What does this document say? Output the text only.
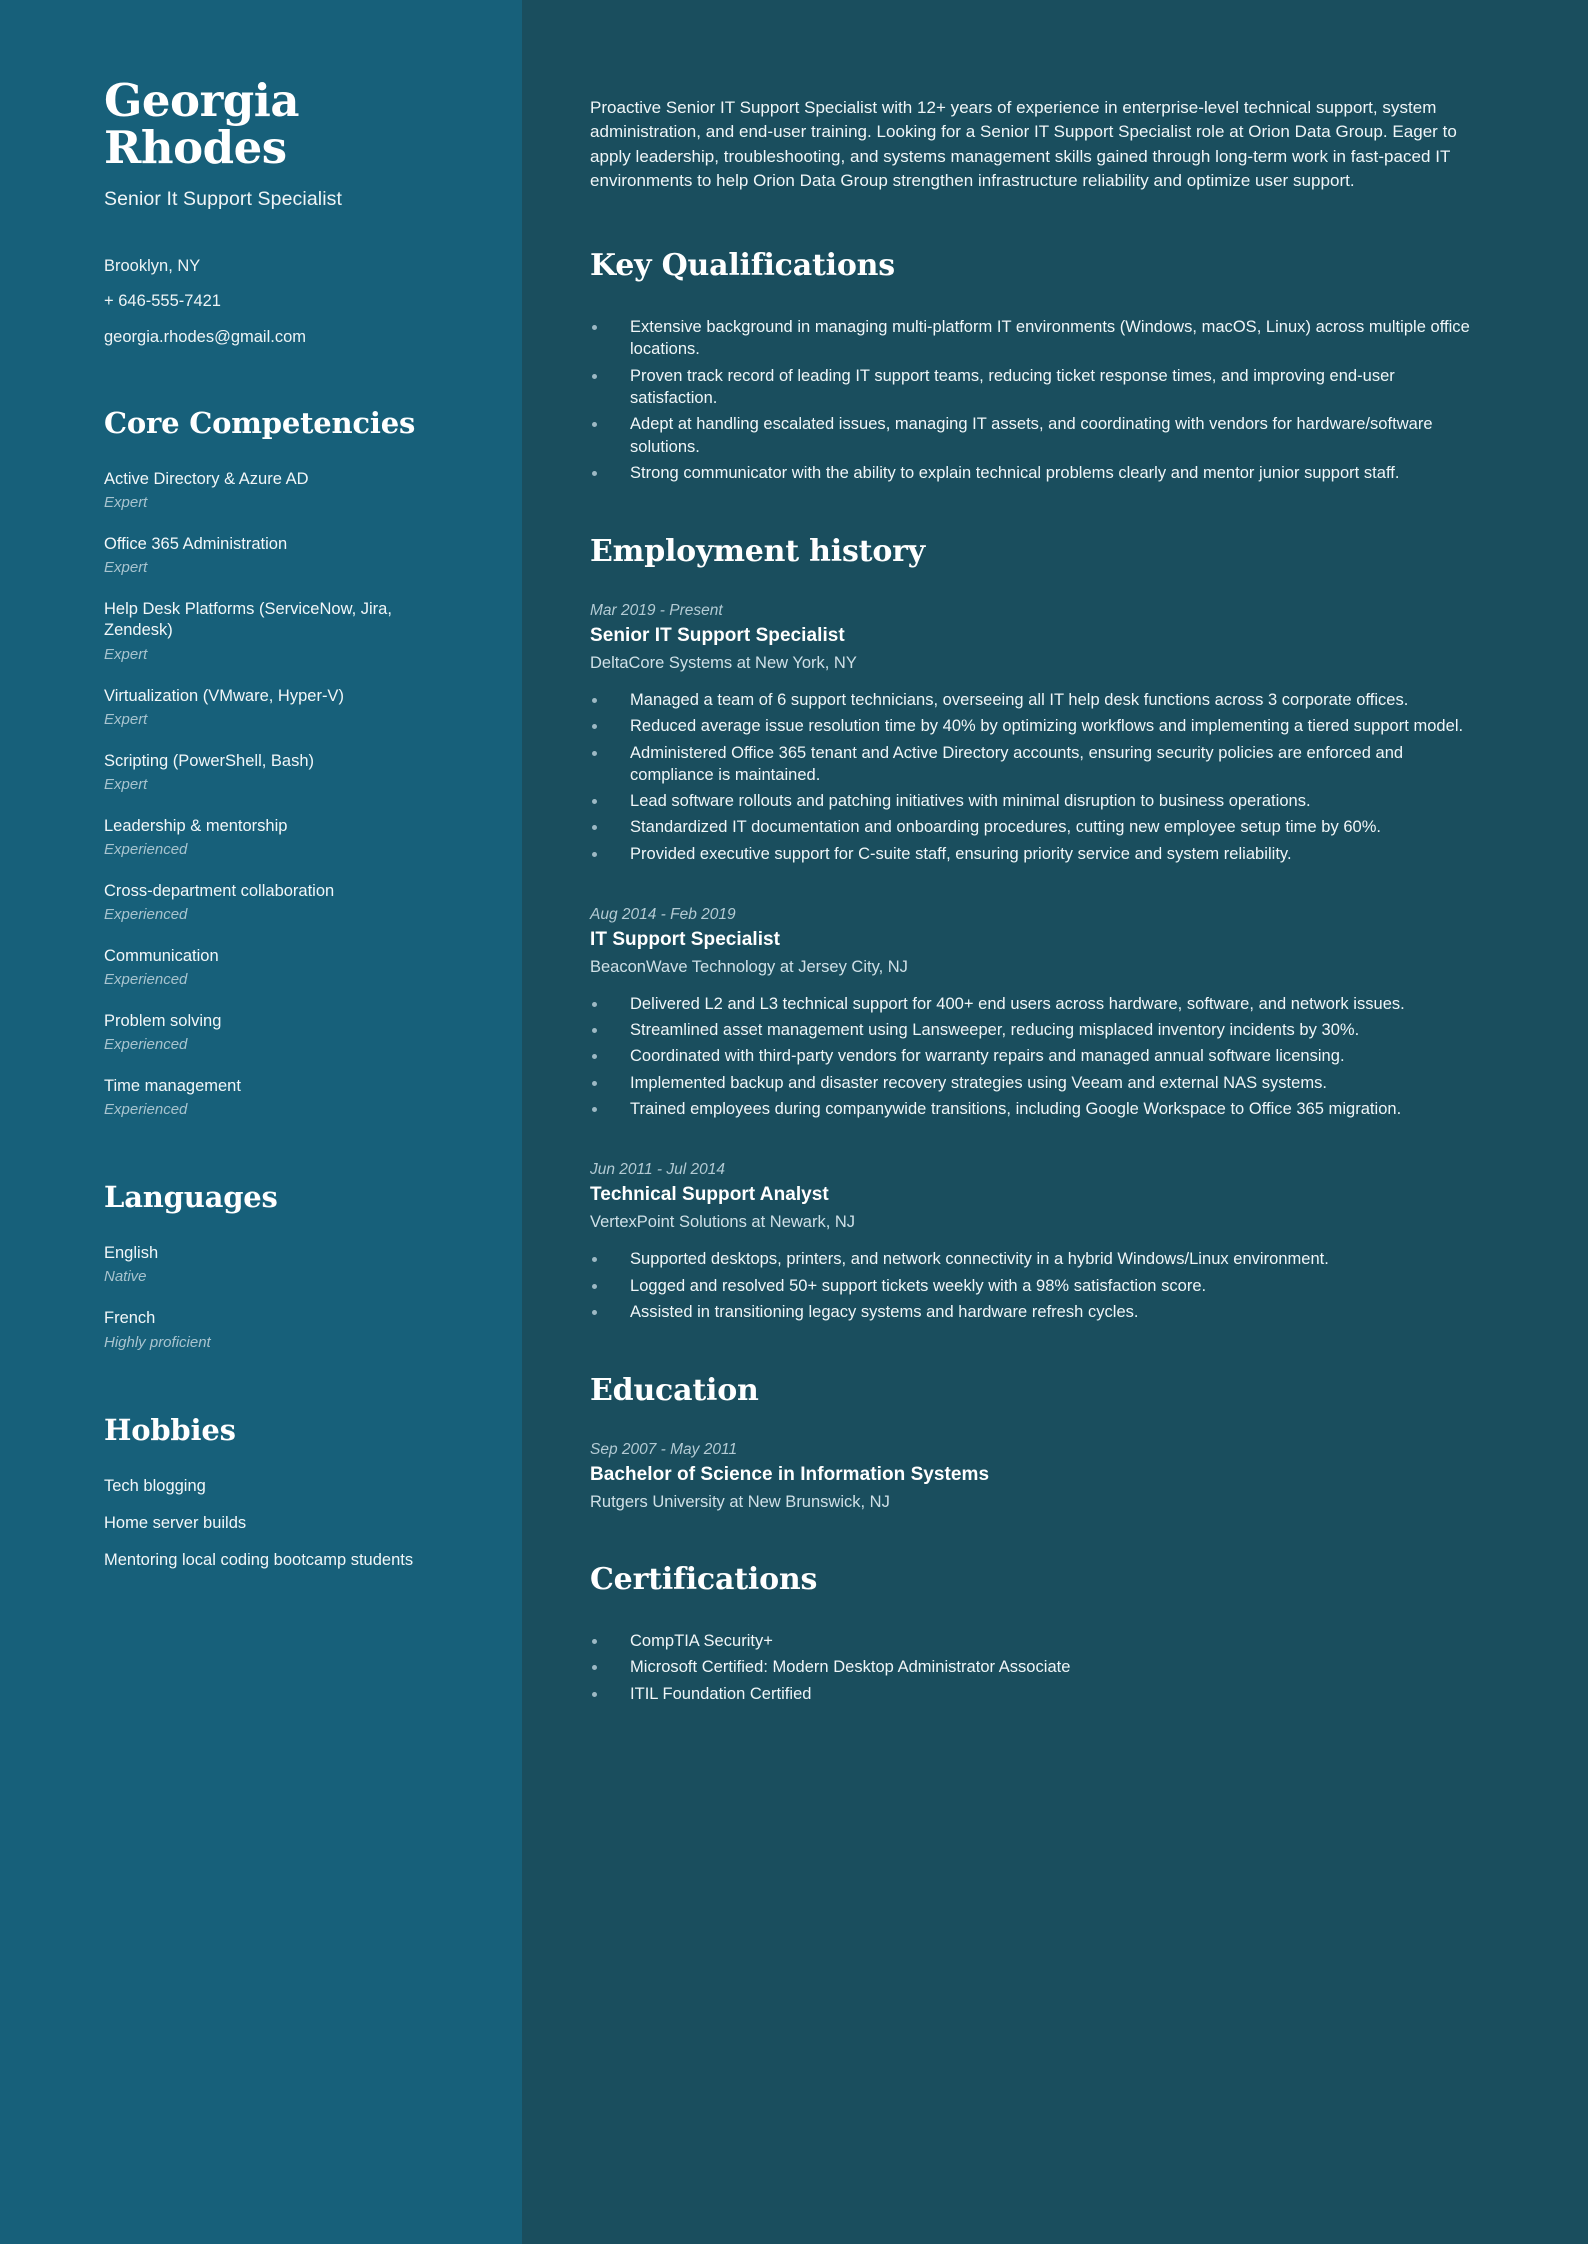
Georgia
Rhodes
Senior It Support Specialist
Brooklyn, NY
+ 646-555-7421
georgia.rhodes@gmail.com
Core Competencies
Active Directory & Azure AD
Expert
Office 365 Administration
Expert
Help Desk Platforms (ServiceNow, Jira, Zendesk)
Expert
Virtualization (VMware, Hyper-V)
Expert
Scripting (PowerShell, Bash)
Expert
Leadership & mentorship
Experienced
Cross-department collaboration
Experienced
Communication
Experienced
Problem solving
Experienced
Time management
Experienced
Languages
English
Native
French
Highly proficient
Hobbies
Tech blogging
Home server builds
Mentoring local coding bootcamp students

Proactive Senior IT Support Specialist with 12+ years of experience in enterprise-level technical support, system administration, and end-user training. Looking for a Senior IT Support Specialist role at Orion Data Group. Eager to apply leadership, troubleshooting, and systems management skills gained through long-term work in fast-paced IT environments to help Orion Data Group strengthen infrastructure reliability and optimize user support.

Key Qualifications
Extensive background in managing multi-platform IT environments (Windows, macOS, Linux) across multiple office locations.
Proven track record of leading IT support teams, reducing ticket response times, and improving end-user satisfaction.
Adept at handling escalated issues, managing IT assets, and coordinating with vendors for hardware/software solutions.
Strong communicator with the ability to explain technical problems clearly and mentor junior support staff.
Employment history
Mar 2019 - Present
Senior IT Support Specialist
DeltaCore Systems at New York, NY
Managed a team of 6 support technicians, overseeing all IT help desk functions across 3 corporate offices.
Reduced average issue resolution time by 40% by optimizing workflows and implementing a tiered support model.
Administered Office 365 tenant and Active Directory accounts, ensuring security policies are enforced and compliance is maintained.
Lead software rollouts and patching initiatives with minimal disruption to business operations.
Standardized IT documentation and onboarding procedures, cutting new employee setup time by 60%.
Provided executive support for C-suite staff, ensuring priority service and system reliability.
Aug 2014 - Feb 2019
IT Support Specialist
BeaconWave Technology at Jersey City, NJ
Delivered L2 and L3 technical support for 400+ end users across hardware, software, and network issues.
Streamlined asset management using Lansweeper, reducing misplaced inventory incidents by 30%.
Coordinated with third-party vendors for warranty repairs and managed annual software licensing.
Implemented backup and disaster recovery strategies using Veeam and external NAS systems.
Trained employees during companywide transitions, including Google Workspace to Office 365 migration.
Jun 2011 - Jul 2014
Technical Support Analyst
VertexPoint Solutions at Newark, NJ
Supported desktops, printers, and network connectivity in a hybrid Windows/Linux environment.
Logged and resolved 50+ support tickets weekly with a 98% satisfaction score.
Assisted in transitioning legacy systems and hardware refresh cycles.
Education
Sep 2007 - May 2011
Bachelor of Science in Information Systems
Rutgers University at New Brunswick, NJ
Certifications
CompTIA Security+
Microsoft Certified: Modern Desktop Administrator Associate
ITIL Foundation Certified
